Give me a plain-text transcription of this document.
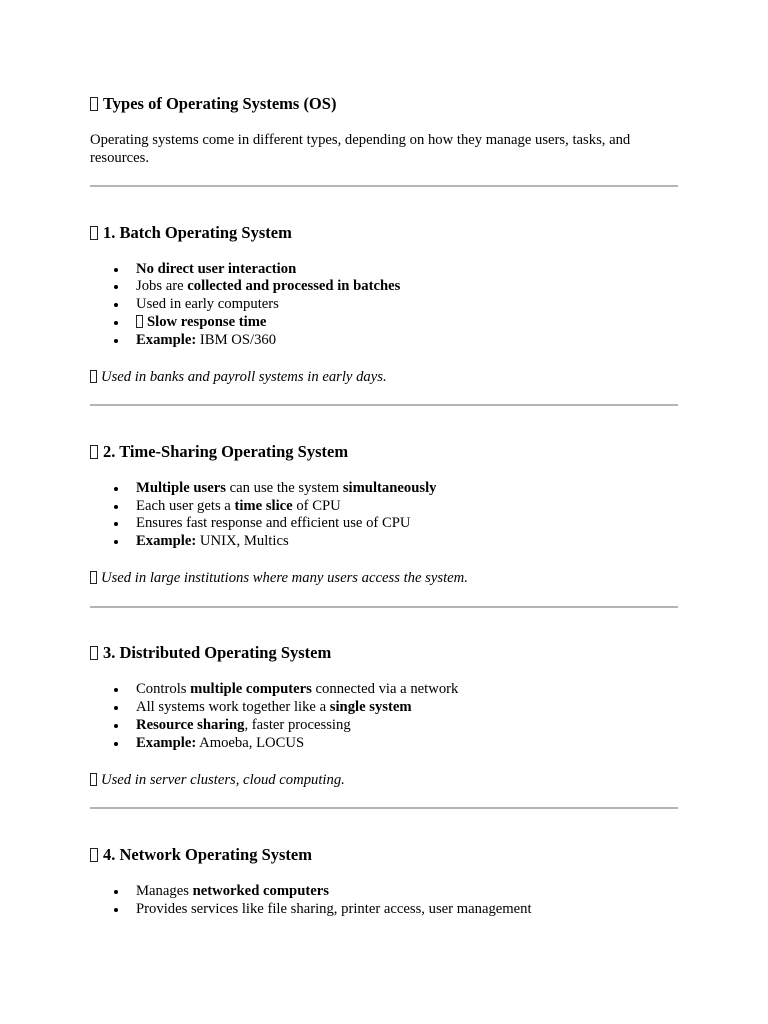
Types of Operating Systems (OS)

Operating systems come in different types, depending on how they manage users, tasks, and resources.

1. Batch Operating System
No direct user interaction
Jobs are collected and processed in batches
Used in early computers
Slow response time
Example: IBM OS/360

Used in banks and payroll systems in early days.

2. Time-Sharing Operating System
Multiple users can use the system simultaneously
Each user gets a time slice of CPU
Ensures fast response and efficient use of CPU
Example: UNIX, Multics

Used in large institutions where many users access the system.

3. Distributed Operating System
Controls multiple computers connected via a network
All systems work together like a single system
Resource sharing, faster processing
Example: Amoeba, LOCUS

Used in server clusters, cloud computing.

4. Network Operating System
Manages networked computers
Provides services like file sharing, printer access, user management
